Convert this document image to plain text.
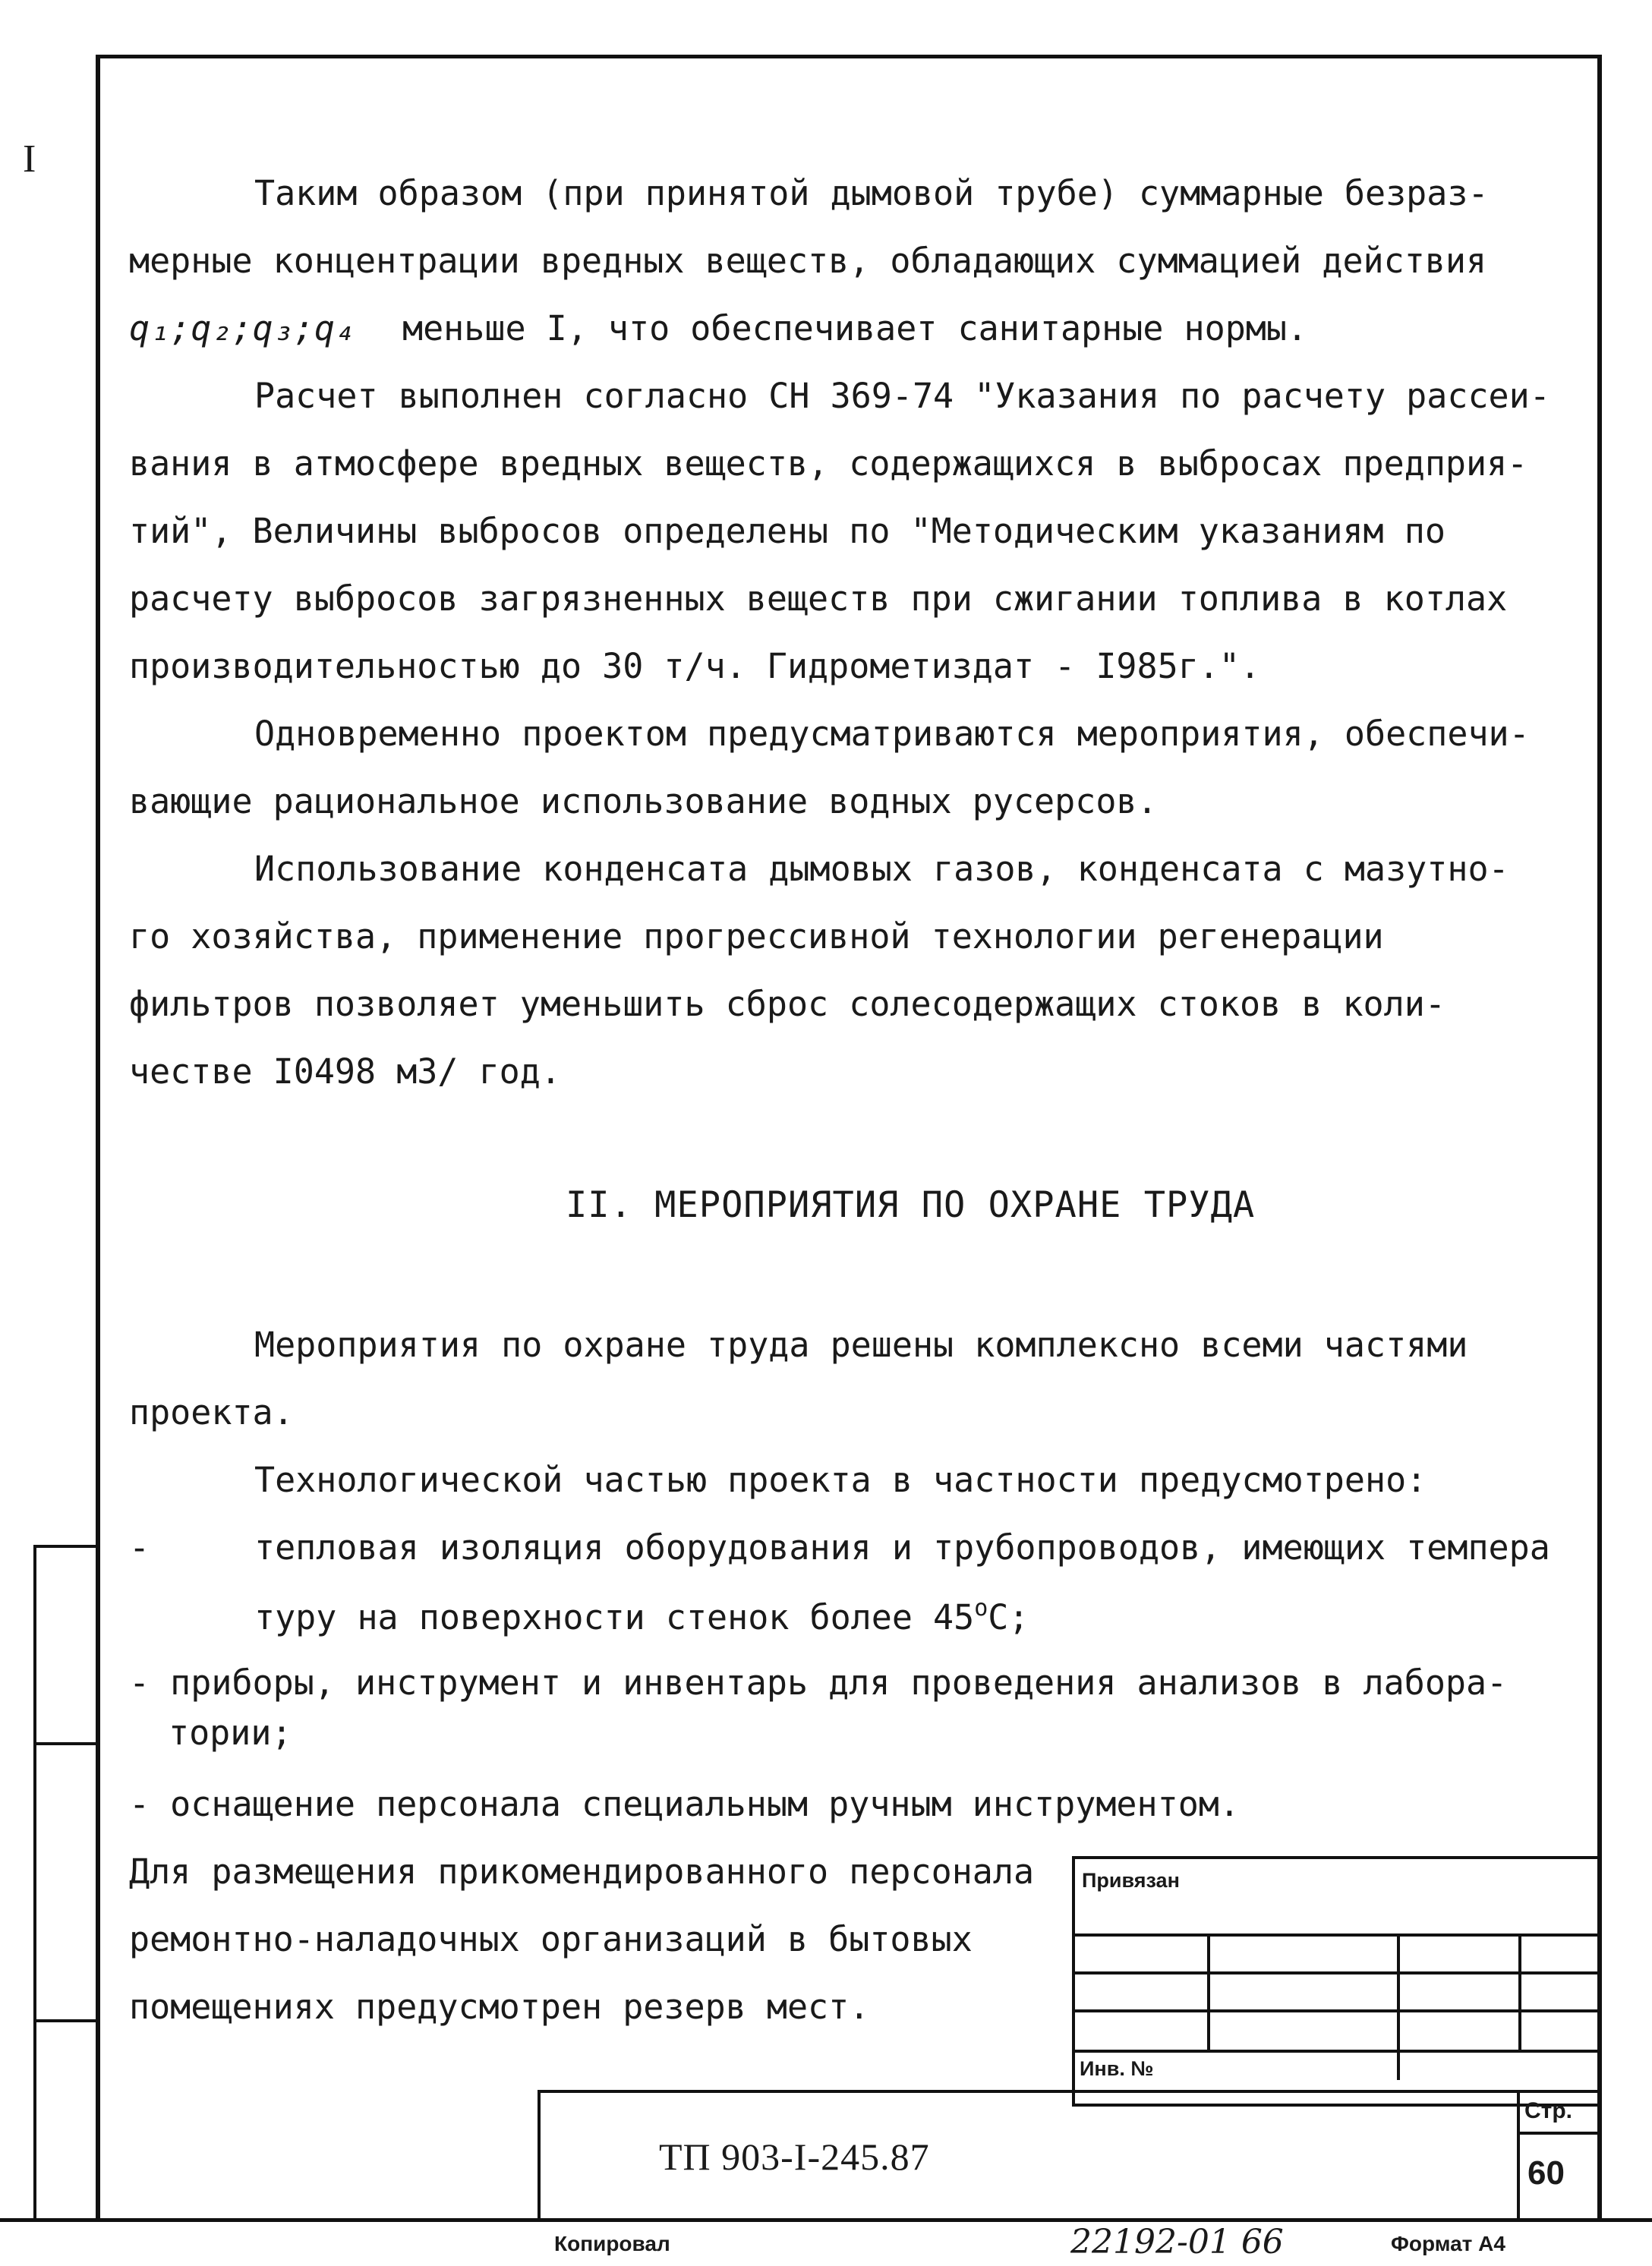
I
Таким образом (при принятой дымовой трубе) суммарные безраз-
мерные концентрации вредных веществ, обладающих суммацией действия
q₁;q₂;q₃;q₄ меньше I, что обеспечивает санитарные нормы.
Расчет выполнен согласно СН 369-74 "Указания по расчету рассеи-
вания в атмосфере вредных веществ, содержащихся в выбросах предприя-
тий", Величины выбросов определены по "Методическим указаниям по
расчету выбросов загрязненных веществ при сжигании топлива в котлах
производительностью до 30 т/ч. Гидрометиздат - I985г.".
Одновременно проектом предусматриваются мероприятия, обеспечи-
вающие рациональное использование водных русерсов.
Использование конденсата дымовых газов, конденсата с мазутно-
го хозяйства, применение прогрессивной технологии регенерации
фильтров позволяет уменьшить сброс солесодержащих стоков в коли-
честве I0498 м3/ год.
II. МЕРОПРИЯТИЯ ПО ОХРАНЕ ТРУДА
Мероприятия по охране труда решены комплексно всеми частями
проекта.
Технологической частью проекта в частности предусмотрено:
-	тепловая изоляция оборудования и трубопроводов, имеющих темпера
туру на поверхности стенок более $45^оС$;
- приборы, инструмент и инвентарь для проведения анализов в лабора-
тории;
- оснащение персонала специальным ручным инструментом.
Для размещения прикомендированного персонала
ремонтно-наладочных организаций в бытовых
помещениях предусмотрен резерв мест.
Привязан
Инв. №
Стр.
60
ТП 903-I-245.87
Копировал	22192-01 66	Формат А4
